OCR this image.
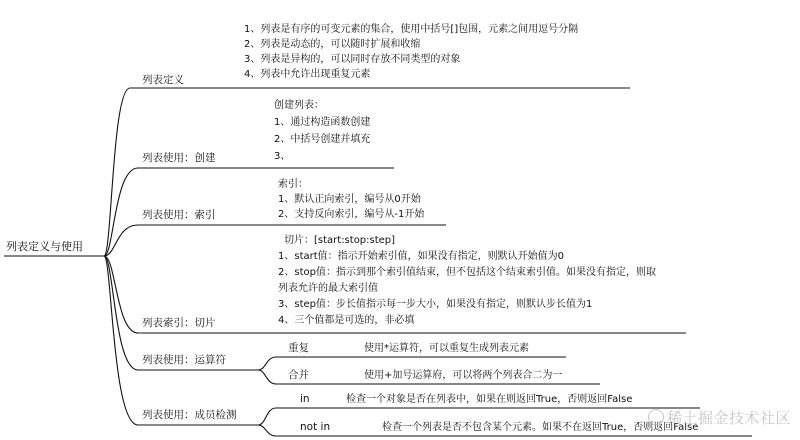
列表定义与使用
列表定义
1、列表是有序的可变元素的集合，使用中括号[]包围，元素之间用逗号分隔
2、列表是动态的，可以随时扩展和收缩
3、列表是异构的，可以同时存放不同类型的对象
4、列表中允许出现重复元素
列表使用：创建
创建列表：
1、通过构造函数创建
2、中括号创建并填充
3、
列表使用：索引
索引：
1、默认正向索引，编号从0开始
2、支持反向索引，编号从-1开始
列表索引：切片
切片：[start:stop:step]
1、start值：指示开始索引值，如果没有指定，则默认开始值为0
2、stop值：指示到那个索引值结束，但不包括这个结束索引值。如果没有指定，则取
列表允许的最大索引值
3、step值：步长值指示每一步大小，如果没有指定，则默认步长值为1
4、三个值都是可选的，非必填
列表使用：运算符
重复	使用*运算符，可以重复生成列表元素
合并	使用+加号运算府，可以将两个列表合二为一
列表使用：成员检测
in	检查一个对象是否在列表中，如果在则返回True，否则返回False
not in	检查一个列表是否不包含某个元素。如果不在返回True，否则返回False
稀土掘金技术社区
